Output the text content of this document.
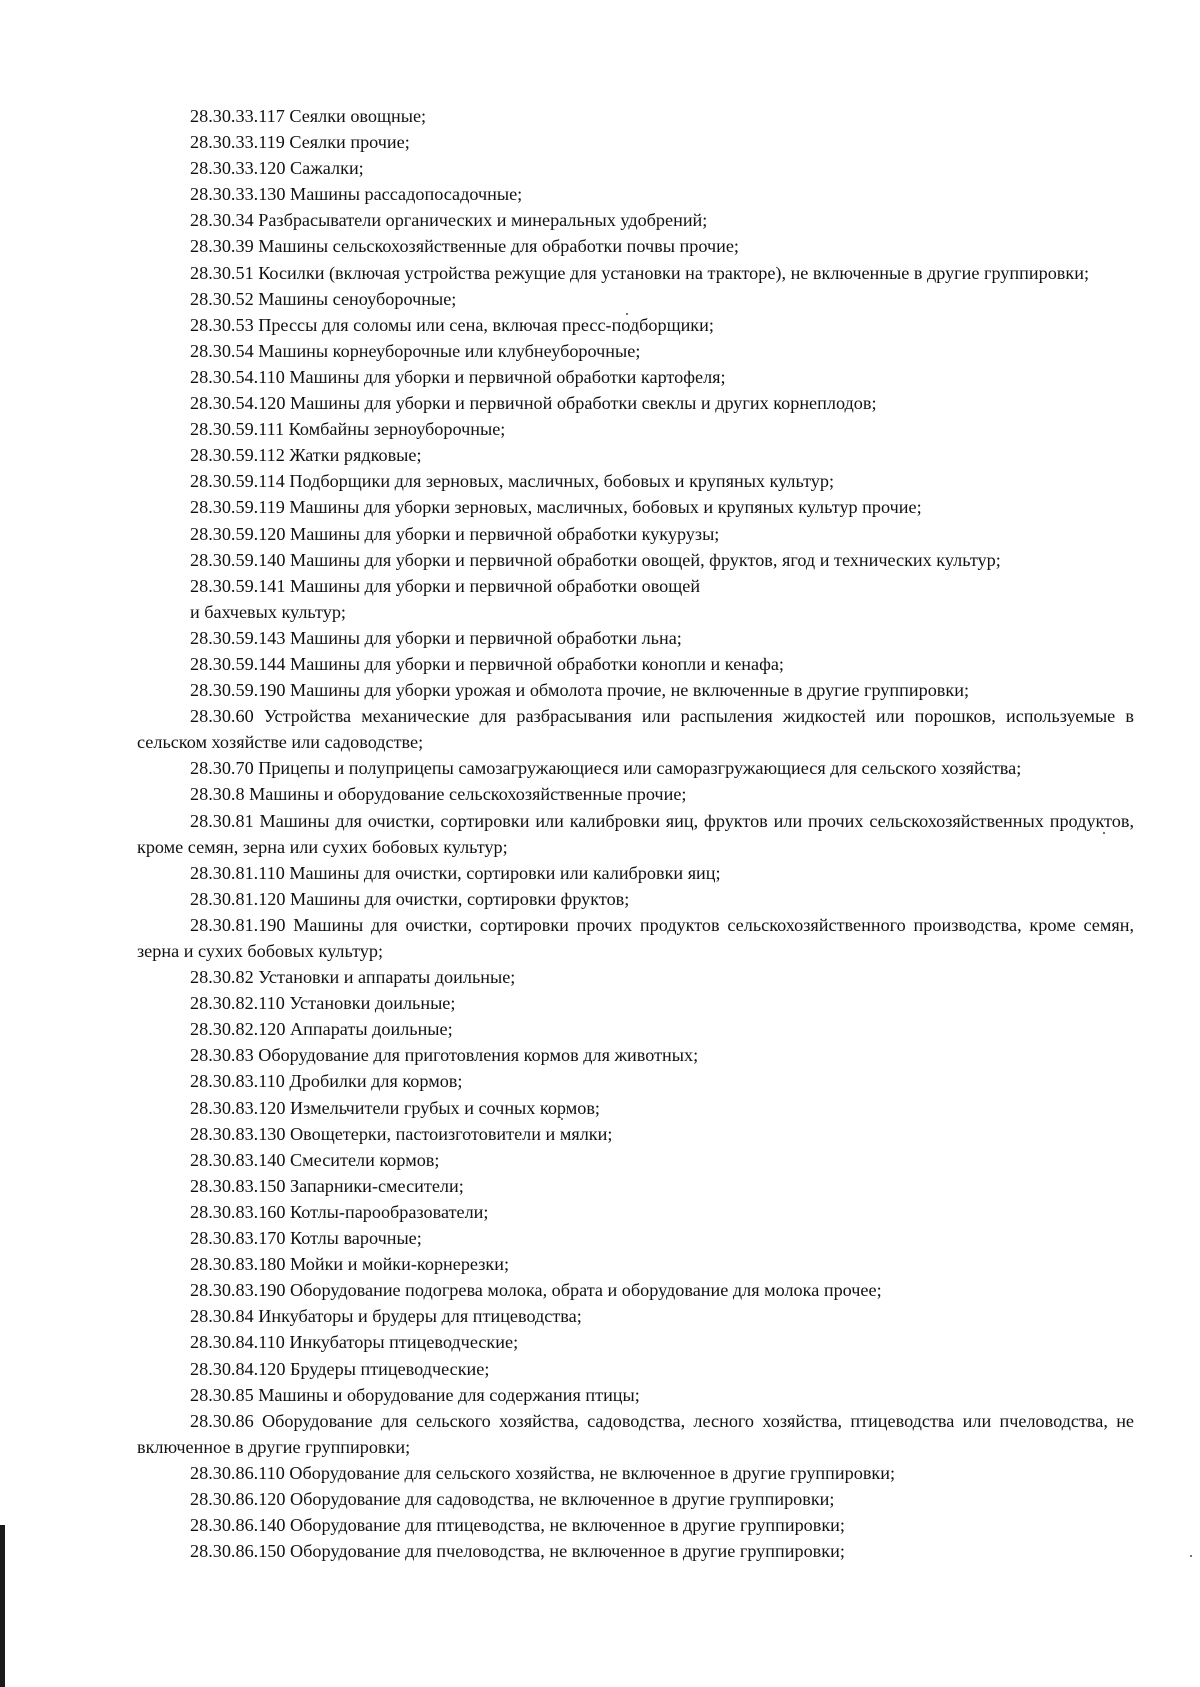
28.30.33.117 Сеялки овощные;

28.30.33.119 Сеялки прочие;

28.30.33.120 Сажалки;

28.30.33.130 Машины рассадопосадочные;

28.30.34 Разбрасыватели органических и минеральных удобрений;

28.30.39 Машины сельскохозяйственные для обработки почвы прочие;

28.30.51 Косилки (включая устройства режущие для установки на тракторе), не включенные в другие группировки;

28.30.52 Машины сеноуборочные;

28.30.53 Прессы для соломы или сена, включая пресс-подборщики;

28.30.54 Машины корнеуборочные или клубнеуборочные;

28.30.54.110 Машины для уборки и первичной обработки картофеля;

28.30.54.120 Машины для уборки и первичной обработки свеклы и других корнеплодов;

28.30.59.111 Комбайны зерноуборочные;

28.30.59.112 Жатки рядковые;

28.30.59.114 Подборщики для зерновых, масличных, бобовых и крупяных культур;

28.30.59.119 Машины для уборки зерновых, масличных, бобовых и крупяных культур прочие;

28.30.59.120 Машины для уборки и первичной обработки кукурузы;

28.30.59.140 Машины для уборки и первичной обработки овощей, фруктов, ягод и технических культур;

28.30.59.141 Машины для уборки и первичной обработки овощей

и бахчевых культур;

28.30.59.143 Машины для уборки и первичной обработки льна;

28.30.59.144 Машины для уборки и первичной обработки конопли и кенафа;

28.30.59.190 Машины для уборки урожая и обмолота прочие, не включенные в другие группировки;

28.30.60 Устройства механические для разбрасывания или распыления жидкостей или порошков, используемые в сельском хозяйстве или садоводстве;

28.30.70 Прицепы и полуприцепы самозагружающиеся или саморазгружающиеся для сельского хозяйства;

28.30.8 Машины и оборудование сельскохозяйственные прочие;

28.30.81 Машины для очистки, сортировки или калибровки яиц, фруктов или прочих сельскохозяйственных продуктов, кроме семян, зерна или сухих бобовых культур;

28.30.81.110 Машины для очистки, сортировки или калибровки яиц;

28.30.81.120 Машины для очистки, сортировки фруктов;

28.30.81.190 Машины для очистки, сортировки прочих продуктов сельскохозяйственного производства, кроме семян, зерна и сухих бобовых культур;

28.30.82 Установки и аппараты доильные;

28.30.82.110 Установки доильные;

28.30.82.120 Аппараты доильные;

28.30.83 Оборудование для приготовления кормов для животных;

28.30.83.110 Дробилки для кормов;

28.30.83.120 Измельчители грубых и сочных кормов;

28.30.83.130 Овощетерки, пастоизготовители и мялки;

28.30.83.140 Смесители кормов;

28.30.83.150 Запарники-смесители;

28.30.83.160 Котлы-парообразователи;

28.30.83.170 Котлы варочные;

28.30.83.180 Мойки и мойки-корнерезки;

28.30.83.190 Оборудование подогрева молока, обрата и оборудование для молока прочее;

28.30.84 Инкубаторы и брудеры для птицеводства;

28.30.84.110 Инкубаторы птицеводческие;

28.30.84.120 Брудеры птицеводческие;

28.30.85 Машины и оборудование для содержания птицы;

28.30.86 Оборудование для сельского хозяйства, садоводства, лесного хозяйства, птицеводства или пчеловодства, не включенное в другие группировки;

28.30.86.110 Оборудование для сельского хозяйства, не включенное в другие группировки;

28.30.86.120 Оборудование для садоводства, не включенное в другие группировки;

28.30.86.140 Оборудование для птицеводства, не включенное в другие группировки;

28.30.86.150 Оборудование для пчеловодства, не включенное в другие группировки;
